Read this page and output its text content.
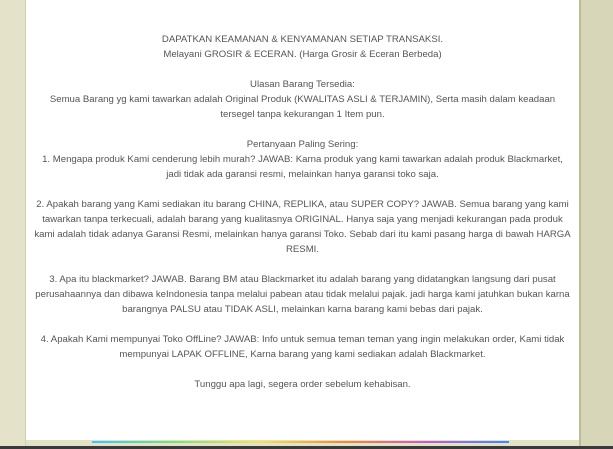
DAPATKAN KEAMANAN & KENYAMANAN SETIAP TRANSAKSI.
Melayani GROSIR & ECERAN. (Harga Grosir & Eceran Berbeda)

Ulasan Barang Tersedia:
Semua Barang yg kami tawarkan adalah Original Produk (KWALITAS ASLI & TERJAMIN), Serta masih dalam keadaan tersegel tanpa kekurangan 1 Item pun.

Pertanyaan Paling Sering:
1. Mengapa produk Kami cenderung lebih murah? JAWAB: Karna produk yang kami tawarkan adalah produk Blackmarket, jadi tidak ada garansi resmi, melainkan hanya garansi toko saja.

2. Apakah barang yang Kami sediakan itu barang CHINA, REPLIKA, atau SUPER COPY? JAWAB. Semua barang yang kami tawarkan tanpa terkecuali, adalah barang yang kualitasnya ORIGINAL. Hanya saja yang menjadi kekurangan pada produk kami adalah tidak adanya Garansi Resmi, melainkan hanya garansi Toko. Sebab dari itu kami pasang harga di bawah HARGA RESMI.

3. Apa itu blackmarket? JAWAB. Barang BM atau Blackmarket itu adalah barang yang didatangkan langsung dari pusat perusahaannya dan dibawa keIndonesia tanpa melalui pabean atau tidak melalui pajak. jadi harga kami jatuhkan bukan karna barangnya PALSU atau TIDAK ASLI, melainkan karna barang kami bebas dari pajak.

4. Apakah Kami mempunyai Toko OffLine? JAWAB: Info untuk semua teman teman yang ingin melakukan order, Kami tidak mempunyai LAPAK OFFLINE, Karna barang yang kami sediakan adalah Blackmarket.

Tunggu apa lagi, segera order sebelum kehabisan.
